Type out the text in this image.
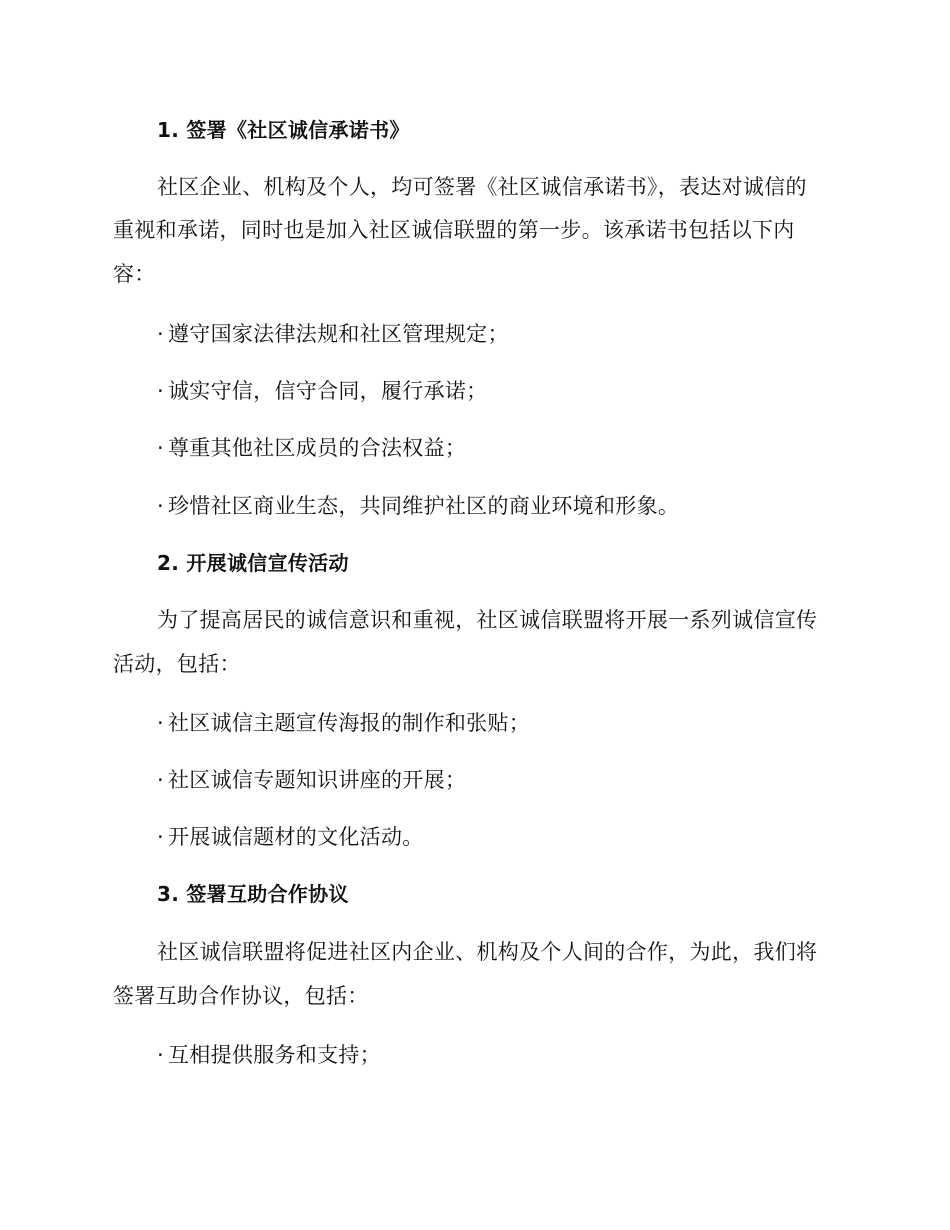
1. 签署《社区诚信承诺书》
社区企业、机构及个人，均可签署《社区诚信承诺书》，表达对诚信的
重视和承诺，同时也是加入社区诚信联盟的第一步。该承诺书包括以下内
容：
· 遵守国家法律法规和社区管理规定；
· 诚实守信，信守合同，履行承诺；
· 尊重其他社区成员的合法权益；
· 珍惜社区商业生态，共同维护社区的商业环境和形象。
2. 开展诚信宣传活动
为了提高居民的诚信意识和重视，社区诚信联盟将开展一系列诚信宣传
活动，包括：
· 社区诚信主题宣传海报的制作和张贴；
· 社区诚信专题知识讲座的开展；
· 开展诚信题材的文化活动。
3. 签署互助合作协议
社区诚信联盟将促进社区内企业、机构及个人间的合作，为此，我们将
签署互助合作协议，包括：
· 互相提供服务和支持；
